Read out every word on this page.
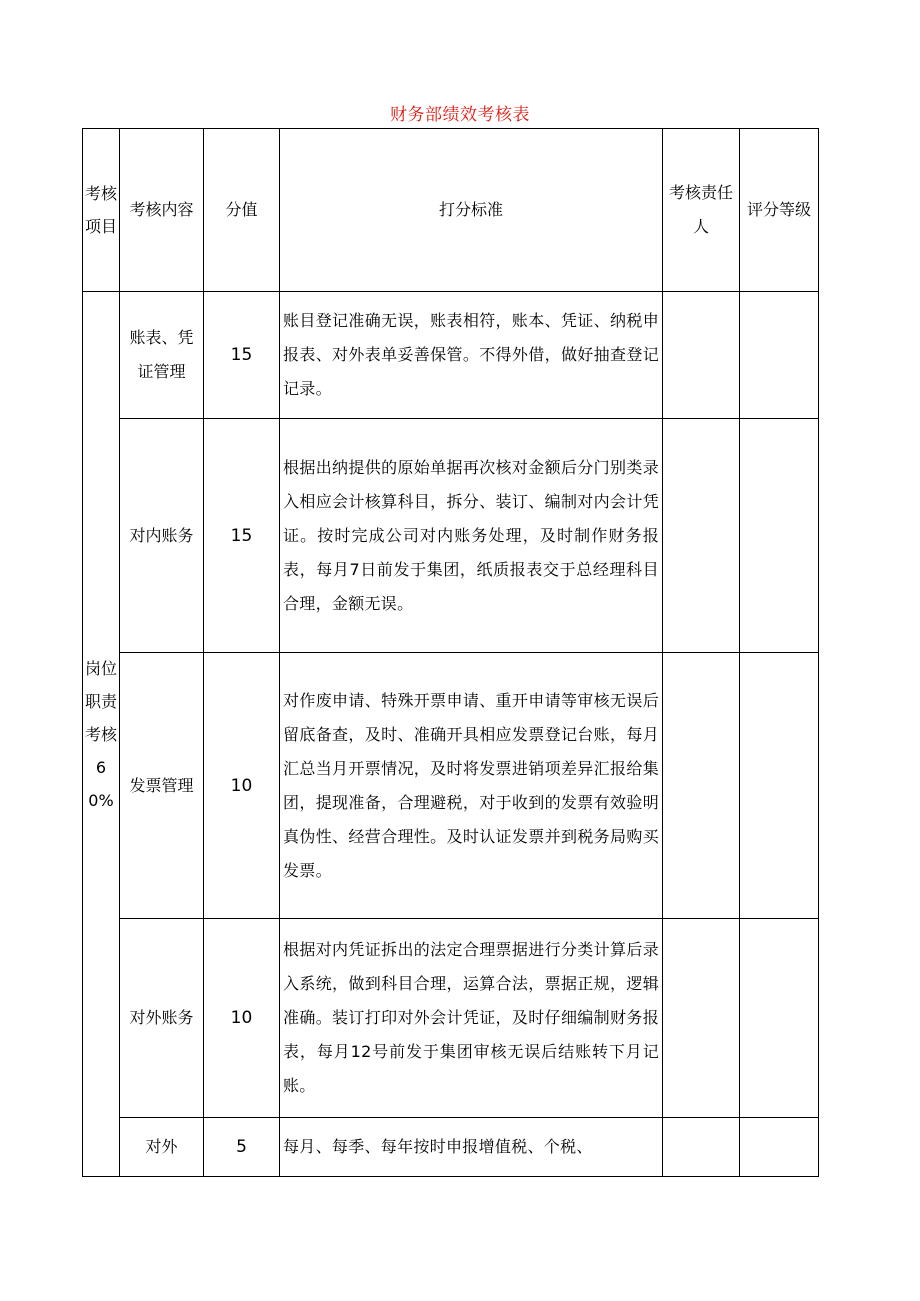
财务部绩效考核表
考核项目	考核内容	分值	打分标准	考核责任人	评分等级

岗位职责考核60%	账表、凭证管理	15	账目登记准确无误，账表相符，账本、凭证、纳税申报表、对外表单妥善保管。不得外借，做好抽查登记记录。		
	对内账务	15	根据出纳提供的原始单据再次核对金额后分门别类录入相应会计核算科目，拆分、装订、编制对内会计凭证。按时完成公司对内账务处理，及时制作财务报表，每月7日前发于集团，纸质报表交于总经理科目合理，金额无误。		
	发票管理	10	对作废申请、特殊开票申请、重开申请等审核无误后留底备查，及时、准确开具相应发票登记台账，每月汇总当月开票情况，及时将发票进销项差异汇报给集团，提现准备，合理避税，对于收到的发票有效验明真伪性、经营合理性。及时认证发票并到税务局购买发票。		
	对外账务	10	根据对内凭证拆出的法定合理票据进行分类计算后录入系统，做到科目合理，运算合法，票据正规，逻辑准确。装订打印对外会计凭证，及时仔细编制财务报表，每月12号前发于集团审核无误后结账转下月记账。		
	对外	5	每月、每季、每年按时申报增值税、个税、		
